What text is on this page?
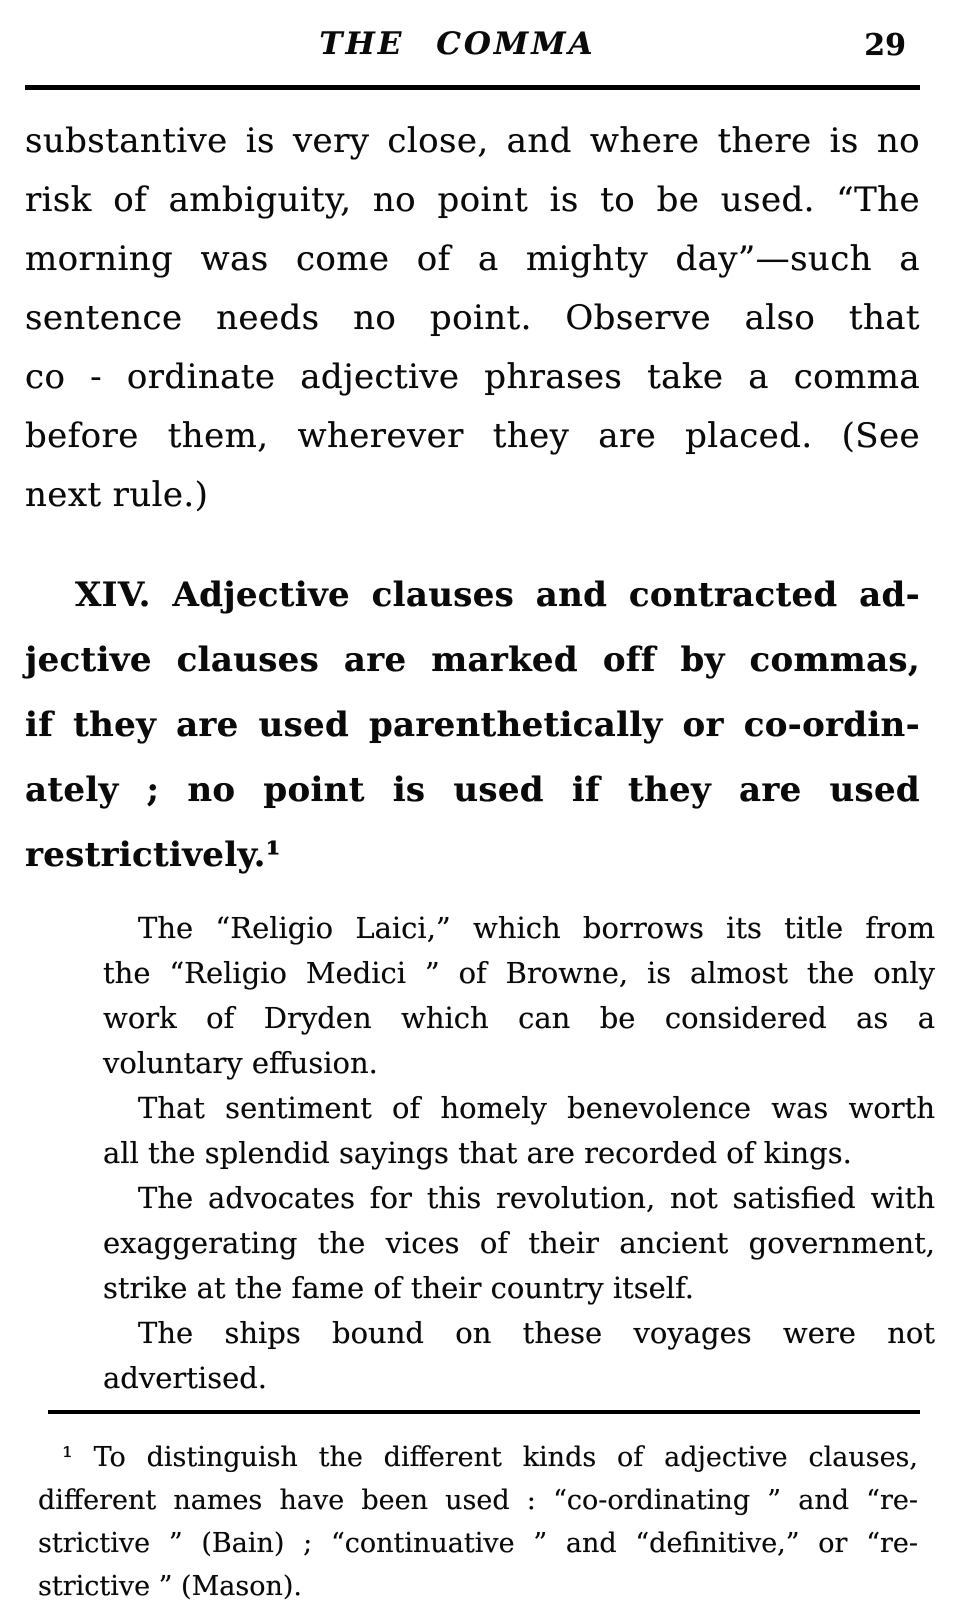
THE COMMA	29
substantive is very close, and where there is no
risk of ambiguity, no point is to be used. “The
morning was come of a mighty day”—such a
sentence needs no point. Observe also that
co - ordinate adjective phrases take a comma
before them, wherever they are placed. (See
next rule.)
XIV. Adjective clauses and contracted ad-
jective clauses are marked off by commas,
if they are used parenthetically or co-ordin-
ately ; no point is used if they are used
restrictively.¹
The “Religio Laici,” which borrows its title from
the “Religio Medici ” of Browne, is almost the only
work of Dryden which can be considered as a
voluntary effusion.
That sentiment of homely benevolence was worth
all the splendid sayings that are recorded of kings.
The advocates for this revolution, not satisfied with
exaggerating the vices of their ancient government,
strike at the fame of their country itself.
The ships bound on these voyages were not
advertised.
¹ To distinguish the different kinds of adjective clauses,
different names have been used : “co-ordinating ” and “re-
strictive ” (Bain) ; “continuative ” and “definitive,” or “re-
strictive ” (Mason).
